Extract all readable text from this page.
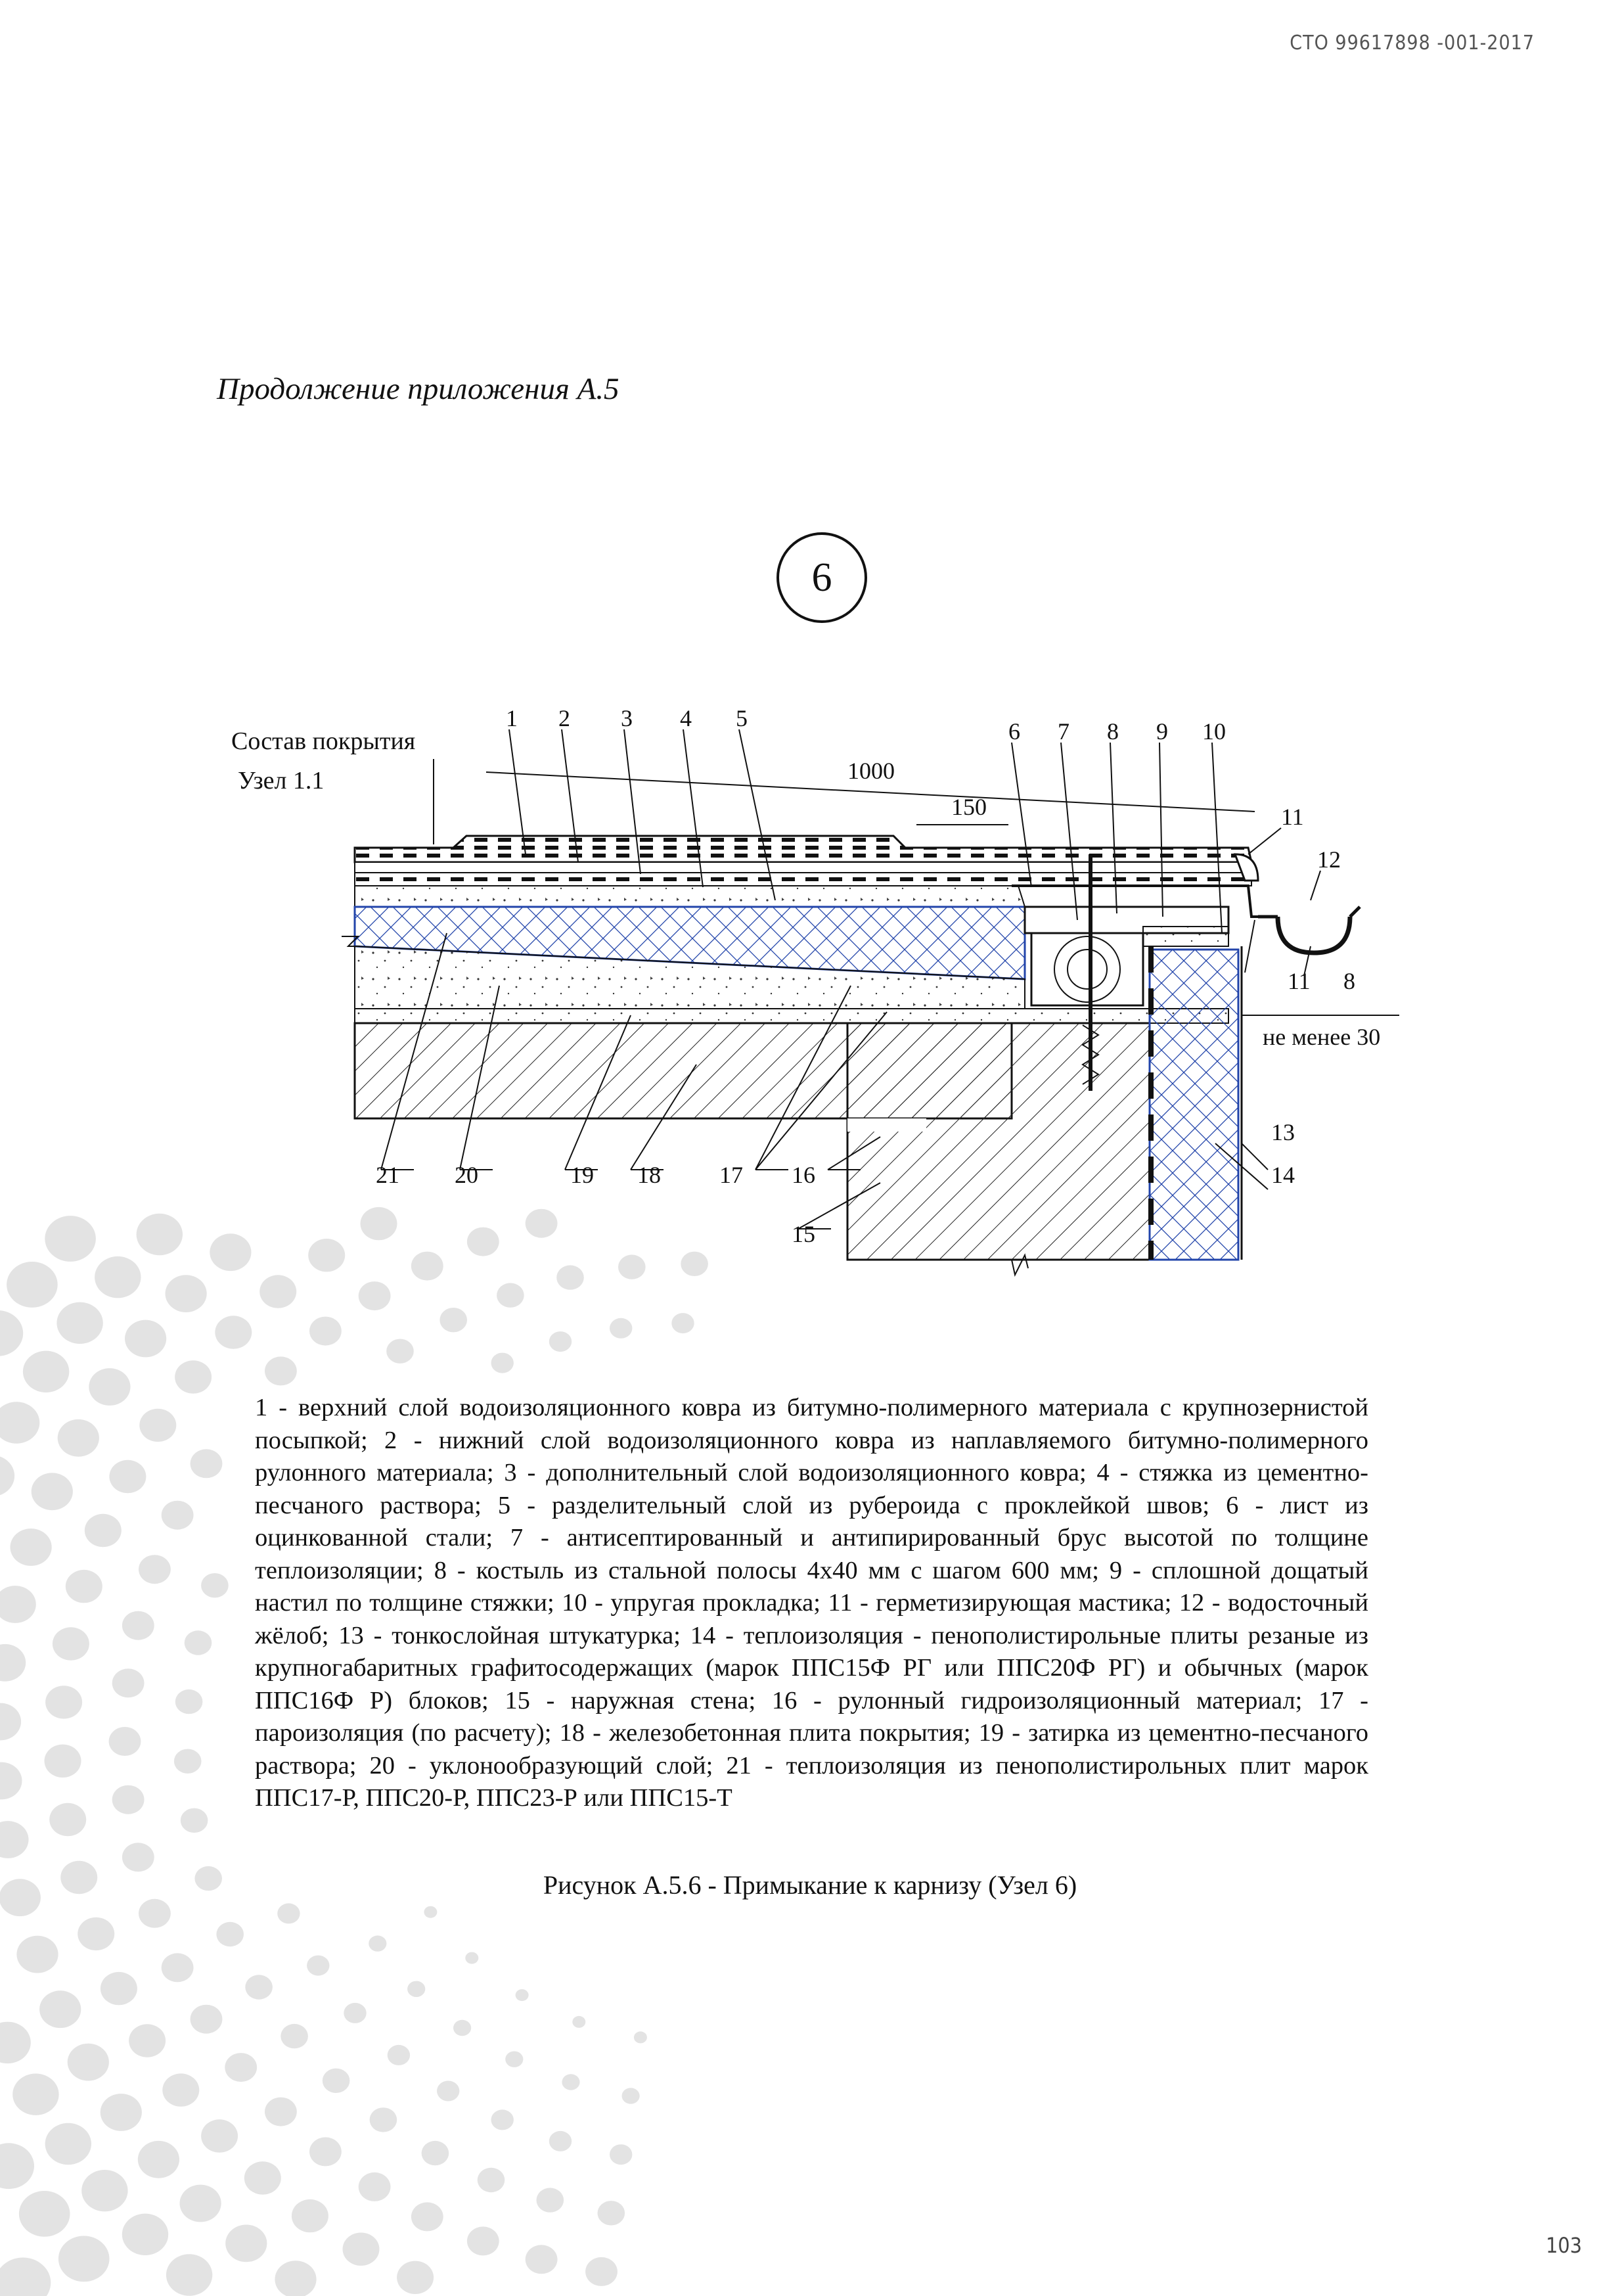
СТО 99617898 -001-2017
Продолжение приложения А.5
6
Состав покрытия
Узел 1.1	1000
150
не менее 30
1 2 3 4 5	6 7 8 9 10
11
12
8
11
13
14
21 20	19 18 17 16
15
1 - верхний слой водоизоляционного ковра из битумно-полимерного материала с крупнозернистой посыпкой; 2 - нижний слой водоизоляционного ковра из наплавляемого битумно-полимерного рулонного материала; 3 - дополнительный слой водоизоляционного ковра; 4 - стяжка из цементно-песчаного раствора; 5 - разделительный слой из рубероида с проклейкой швов; 6 - лист из оцинкованной стали; 7 - антисептированный и антипирированный брус высотой по толщине теплоизоляции; 8 - костыль из стальной полосы 4х40 мм с шагом 600 мм; 9 - сплошной дощатый настил по толщине стяжки; 10 - упругая прокладка; 11 - герметизирующая мастика; 12 - водосточный жёлоб; 13 - тонкослойная штукатурка; 14 - теплоизоляция - пенополистирольные плиты резаные из крупногабаритных графитосодержащих (марок ППС15Ф РГ или ППС20Ф РГ) и обычных (марок ППС16Ф Р) блоков; 15 - наружная стена; 16 - рулонный гидроизоляционный материал; 17 - пароизоляция (по расчету); 18 - железобетонная плита покрытия; 19 - затирка из цементно-песчаного раствора; 20 - уклонообразующий слой; 21 - теплоизоляция из пенополистирольных плит марок ППС17-Р, ППС20-Р, ППС23-Р или ППС15-Т
Рисунок А.5.6 - Примыкание к карнизу (Узел 6)
103
